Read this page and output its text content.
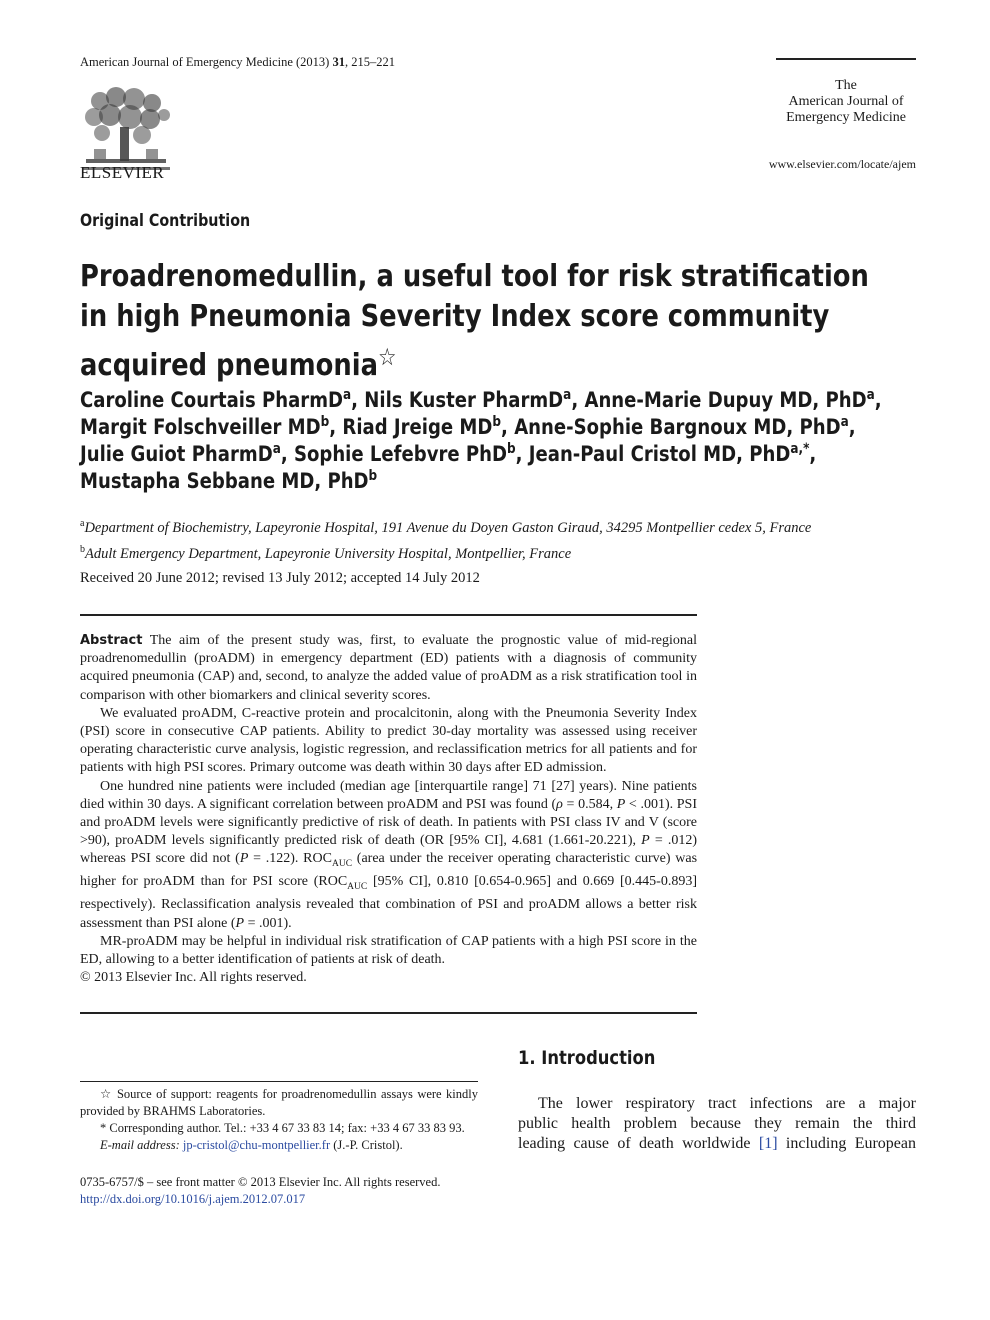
American Journal of Emergency Medicine (2013) 31, 215–221
ELSEVIER
The
American Journal of
Emergency Medicine
www.elsevier.com/locate/ajem
Original Contribution
Proadrenomedullin, a useful tool for risk stratification
in high Pneumonia Severity Index score community
acquired pneumonia☆
Caroline Courtais PharmD$^a$, Nils Kuster PharmD$^a$, Anne-Marie Dupuy MD, PhD$^a$,
Margit Folschveiller $MD^b$, Riad Jreige $MD^b$, Anne-Sophie Bargnoux MD, PhD$^a$,
Julie Guiot PharmD$^a$, Sophie Lefebvre PhD$^b$, Jean-Paul Cristol MD, PhD$^{a,*}$,
Mustapha Sebbane MD, PhD$^b$
$^a$Department of Biochemistry, Lapeyronie Hospital, 191 Avenue du Doyen Gaston Giraud, 34295 Montpellier cedex 5, France
$^b$Adult Emergency Department, Lapeyronie University Hospital, Montpellier, France
Received 20 June 2012; revised 13 July 2012; accepted 14 July 2012

Abstract The aim of the present study was, first, to evaluate the prognostic value of mid-regional proadrenomedullin (proADM) in emergency department (ED) patients with a diagnosis of community acquired pneumonia (CAP) and, second, to analyze the added value of proADM as a risk stratification tool in comparison with other biomarkers and clinical severity scores.

We evaluated proADM, C-reactive protein and procalcitonin, along with the Pneumonia Severity Index (PSI) score in consecutive CAP patients. Ability to predict 30-day mortality was assessed using receiver operating characteristic curve analysis, logistic regression, and reclassification metrics for all patients and for patients with high PSI scores. Primary outcome was death within 30 days after ED admission.

One hundred nine patients were included (median age [interquartile range] 71 [27] years). Nine patients died within 30 days. A significant correlation between proADM and PSI was found (ρ = 0.584, P < .001). PSI and proADM levels were significantly predictive of risk of death. In patients with PSI class IV and V (score >90), proADM levels significantly predicted risk of death (OR [95% CI], 4.681 (1.661-20.221), P = .012) whereas PSI score did not (P = .122). $ROC_{AUC}$ (area under the receiver operating characteristic curve) was higher for proADM than for PSI score ($ROC_{AUC}$ [95% CI], 0.810 [0.654-0.965] and 0.669 [0.445-0.893] respectively). Reclassification analysis revealed that combination of PSI and proADM allows a better risk assessment than PSI alone (P = .001).

MR-proADM may be helpful in individual risk stratification of CAP patients with a high PSI score in the ED, allowing to a better identification of patients at risk of death.

© 2013 Elsevier Inc. All rights reserved.

☆ Source of support: reagents for proadrenomedullin assays were kindly provided by BRAHMS Laboratories.

* Corresponding author. Tel.: +33 4 67 33 83 14; fax: +33 4 67 33 83 93.

E-mail address: jp-cristol@chu-montpellier.fr (J.-P. Cristol).

0735-6757/$ – see front matter © 2013 Elsevier Inc. All rights reserved.
http://dx.doi.org/10.1016/j.ajem.2012.07.017
1. Introduction
The lower respiratory tract infections are a major
public health problem because they remain the third
leading cause of death worldwide [1] including European
